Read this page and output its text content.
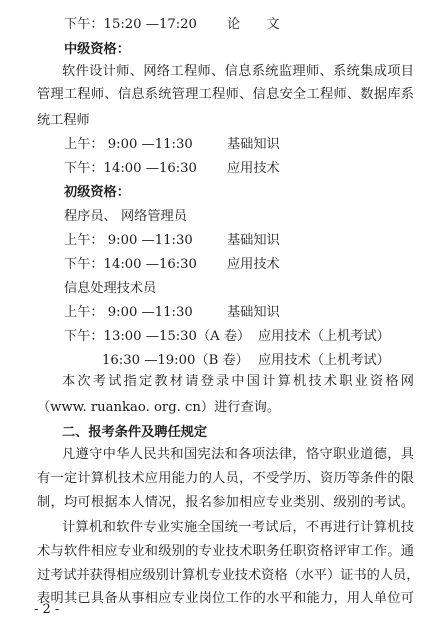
下午：15:20 —17:20 论　　文
中级资格：
软件设计师、网络工程师、信息系统监理师、系统集成项目
管理工程师、信息系统管理工程师、信息安全工程师、数据库系
统工程师
上午： 9:00 —11:30	基础知识
下午：14:00 —16:30 应用技术
初级资格：
程序员、 网络管理员
上午： 9:00 —11:30	基础知识
下午：14:00 —16:30 应用技术
信息处理技术员
上午： 9:00 —11:30	基础知识
下午：13:00 —15:30（A 卷） 应用技术（上机考试）
16:30 —19:00（B 卷） 应用技术（上机考试）
本次考试指定教材请登录中国计算机技术职业资格网
（www. ruankao. org. cn）进行查询。
二、报考条件及聘任规定
凡遵守中华人民共和国宪法和各项法律，恪守职业道德，具
有一定计算机技术应用能力的人员，不受学历、资历等条件的限
制，均可根据本人情况，报名参加相应专业类别、级别的考试。
计算机和软件专业实施全国统一考试后，不再进行计算机技
术与软件相应专业和级别的专业技术职务任职资格评审工作。通
过考试并获得相应级别计算机专业技术资格（水平）证书的人员，
表明其已具备从事相应专业岗位工作的水平和能力，用人单位可
- 2 -
